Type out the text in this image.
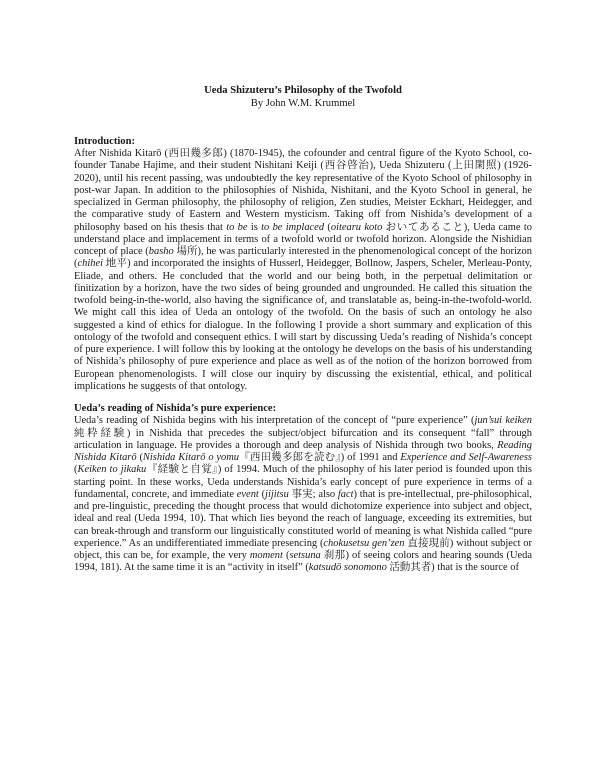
Ueda Shizuteru’s Philosophy of the Twofold

By John W.M. Krummel

Introduction:

After Nishida Kitarō (西田幾多郎) (1870-1945), the cofounder and central figure of the Kyoto School, co-founder Tanabe Hajime, and their student Nishitani Keiji (西谷啓治), Ueda Shizuteru (上田閑照) (1926-2020), until his recent passing, was undoubtedly the key representative of the Kyoto School of philosophy in post-war Japan. In addition to the philosophies of Nishida, Nishitani, and the Kyoto School in general, he specialized in German philosophy, the philosophy of religion, Zen studies, Meister Eckhart, Heidegger, and the comparative study of Eastern and Western mysticism. Taking off from Nishida’s development of a philosophy based on his thesis that to be is to be implaced (oitearu koto おいてあること), Ueda came to understand place and implacement in terms of a twofold world or twofold horizon. Alongside the Nishidian concept of place (basho 場所), he was particularly interested in the phenomenological concept of the horizon (chihei 地平) and incorporated the insights of Husserl, Heidegger, Bollnow, Jaspers, Scheler, Merleau-Ponty, Eliade, and others. He concluded that the world and our being both, in the perpetual delimitation or finitization by a horizon, have the two sides of being grounded and ungrounded. He called this situation the twofold being-in-the-world, also having the significance of, and translatable as, being-in-the-twofold-world. We might call this idea of Ueda an ontology of the twofold. On the basis of such an ontology he also suggested a kind of ethics for dialogue. In the following I provide a short summary and explication of this ontology of the twofold and consequent ethics. I will start by discussing Ueda’s reading of Nishida’s concept of pure experience. I will follow this by looking at the ontology he develops on the basis of his understanding of Nishida’s philosophy of pure experience and place as well as of the notion of the horizon borrowed from European phenomenologists. I will close our inquiry by discussing the existential, ethical, and political implications he suggests of that ontology.

Ueda’s reading of Nishida’s pure experience:

Ueda’s reading of Nishida begins with his interpretation of the concept of “pure experience” (jun’sui keiken 純粋経験) in Nishida that precedes the subject/object bifurcation and its consequent “fall” through articulation in language. He provides a thorough and deep analysis of Nishida through two books, Reading Nishida Kitarō (Nishida Kitarō o yomu『西田幾多郎を読む』) of 1991 and Experience and Self-Awareness (Keiken to jikaku『経験と自覚』) of 1994. Much of the philosophy of his later period is founded upon this starting point. In these works, Ueda understands Nishida’s early concept of pure experience in terms of a fundamental, concrete, and immediate event (jijitsu 事実; also fact) that is pre-intellectual, pre-philosophical, and pre-linguistic, preceding the thought process that would dichotomize experience into subject and object, ideal and real (Ueda 1994, 10). That which lies beyond the reach of language, exceeding its extremities, but can break-through and transform our linguistically constituted world of meaning is what Nishida called “pure experience.” As an undifferentiated immediate presencing (chokusetsu gen’zen 直接現前) without subject or object, this can be, for example, the very moment (setsuna 刹那) of seeing colors and hearing sounds (Ueda 1994, 181). At the same time it is an “activity in itself” (katsudō sonomono 活動其者) that is the source of
